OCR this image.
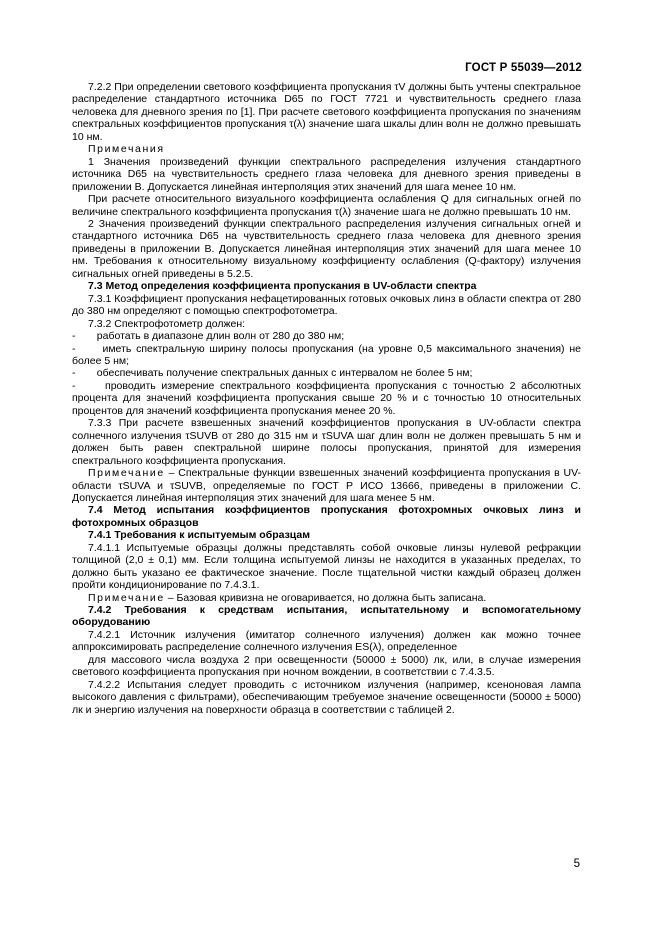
ГОСТ Р 55039—2012

7.2.2 При определении светового коэффициента пропускания τV должны быть учтены спектральное распределение стандартного источника D65 по ГОСТ 7721 и чувствительность среднего глаза человека для дневного зрения по [1]. При расчете светового коэффициента пропускания по значениям спектральных коэффициентов пропускания τ(λ) значение шага шкалы длин волн не должно превышать 10 нм.

Примечания

1 Значения произведений функции спектрального распределения излучения стандартного источника D65 на чувствительность среднего глаза человека для дневного зрения приведены в приложении В. Допускается линейная интерполяция этих значений для шага менее 10 нм.

При расчете относительного визуального коэффициента ослабления Q для сигнальных огней по величине спектрального коэффициента пропускания τ(λ) значение шага не должно превышать 10 нм.

2 Значения произведений функции спектрального распределения излучения сигнальных огней и стандартного источника D65 на чувствительность среднего глаза человека для дневного зрения приведены в приложении В. Допускается линейная интерполяция этих значений для шага менее 10 нм. Требования к относительному визуальному коэффициенту ослабления (Q-фактору) излучения сигнальных огней приведены в 5.2.5.

7.3 Метод определения коэффициента пропускания в UV-области спектра

7.3.1 Коэффициент пропускания нефацетированных готовых очковых линз в области спектра от 280 до 380 нм определяют с помощью спектрофотометра.

7.3.2 Спектрофотометр должен:

- работать в диапазоне длин волн от 280 до 380 нм;

-	иметь спектральную ширину полосы пропускания (на уровне 0,5 максимального значения) не более 5 нм;

- обеспечивать получение спектральных данных с интервалом не более 5 нм;

-	проводить измерение спектрального коэффициента пропускания с точностью 2 абсолютных процента для значений коэффициента пропускания свыше 20 % и с точностью 10 относительных процентов для значений коэффициента пропускания менее 20 %.

7.3.3 При расчете взвешенных значений коэффициентов пропускания в UV-области спектра солнечного излучения τSUVB от 280 до 315 нм и τSUVA шаг длин волн не должен превышать 5 нм и должен быть равен спектральной ширине полосы пропускания, принятой для измерения спектрального коэффициента пропускания.

Примечание – Спектральные функции взвешенных значений коэффициента пропускания в UV-области τSUVA и τSUVB, определяемые по ГОСТ Р ИСО 13666, приведены в приложении С. Допускается линейная интерполяция этих значений для шага менее 5 нм.

7.4 Метод испытания коэффициентов пропускания фотохромных очковых линз и фотохромных образцов

7.4.1 Требования к испытуемым образцам

7.4.1.1 Испытуемые образцы должны представлять собой очковые линзы нулевой рефракции толщиной (2,0 ± 0,1) мм. Если толщина испытуемой линзы не находится в указанных пределах, то должно быть указано ее фактическое значение. После тщательной чистки каждый образец должен пройти кондиционирование по 7.4.3.1.

Примечание – Базовая кривизна не оговаривается, но должна быть записана.

7.4.2 Требования к средствам испытания, испытательному и вспомогательному оборудованию

7.4.2.1 Источник излучения (имитатор солнечного излучения) должен как можно точнее аппроксимировать распределение солнечного излучения ES(λ), определенное

для массового числа воздуха 2 при освещенности (50000 ± 5000) лк, или, в случае измерения светового коэффициента пропускания при ночном вождении, в соответствии с 7.4.3.5.

7.4.2.2 Испытания следует проводить с источником излучения (например, ксеноновая лампа высокого давления с фильтрами), обеспечивающим требуемое значение освещенности (50000 ± 5000) лк и энергию излучения на поверхности образца в соответствии с таблицей 2.

5
